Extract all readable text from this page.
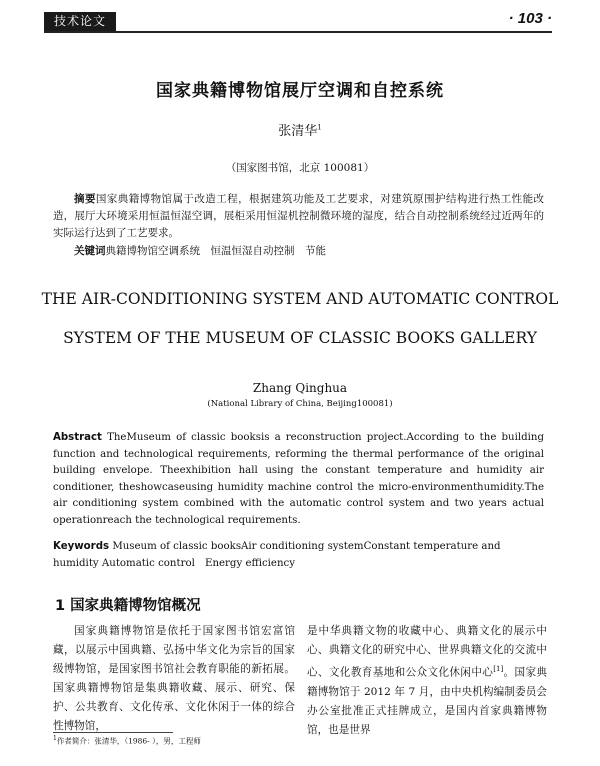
技术论文	· 103 ·
国家典籍博物馆展厅空调和自控系统
张清华$^1$
（国家图书馆，北京 100081）
摘要国家典籍博物馆属于改造工程，根据建筑功能及工艺要求，对建筑原围护结构进行热工性能改造，展厅大环境采用恒温恒湿空调，展柜采用恒湿机控制微环境的湿度，结合自动控制系统经过近两年的实际运行达到了工艺要求。
关键词典籍博物馆空调系统　恒温恒湿自动控制　节能
THE AIR-CONDITIONING SYSTEM AND AUTOMATIC CONTROL
SYSTEM OF THE MUSEUM OF CLASSIC BOOKS GALLERY
Zhang Qinghua
(National Library of China, Beijing100081)
Abstract TheMuseum of classic booksis a reconstruction project.According to the building function and technological requirements, reforming the thermal performance of the original building envelope. Theexhibition hall using the constant temperature and humidity air conditioner, theshowcaseusing humidity machine control the micro-environmenthumidity.The air conditioning system combined with the automatic control system and two years actual operationreach the technological requirements.
Keywords Museum of classic booksAir conditioning systemConstant temperature and humidity Automatic control　Energy efficiency
1 国家典籍博物馆概况
国家典籍博物馆是依托于国家图书馆宏富馆藏，以展示中国典籍、弘扬中华文化为宗旨的国家级博物馆，是国家图书馆社会教育职能的新拓展。国家典籍博物馆是集典籍收藏、展示、研究、保护、公共教育、文化传承、文化休闲于一体的综合性博物馆，
是中华典籍文物的收藏中心、典籍文化的展示中心、典籍文化的研究中心、世界典籍文化的交流中心、文化教育基地和公众文化休闲中心[1]。国家典籍博物馆于 2012 年 7 月，由中央机构编制委员会办公室批准正式挂牌成立，是国内首家典籍博物馆，也是世界
$^1$作者简介：张清华，（1986- ），男，工程师
